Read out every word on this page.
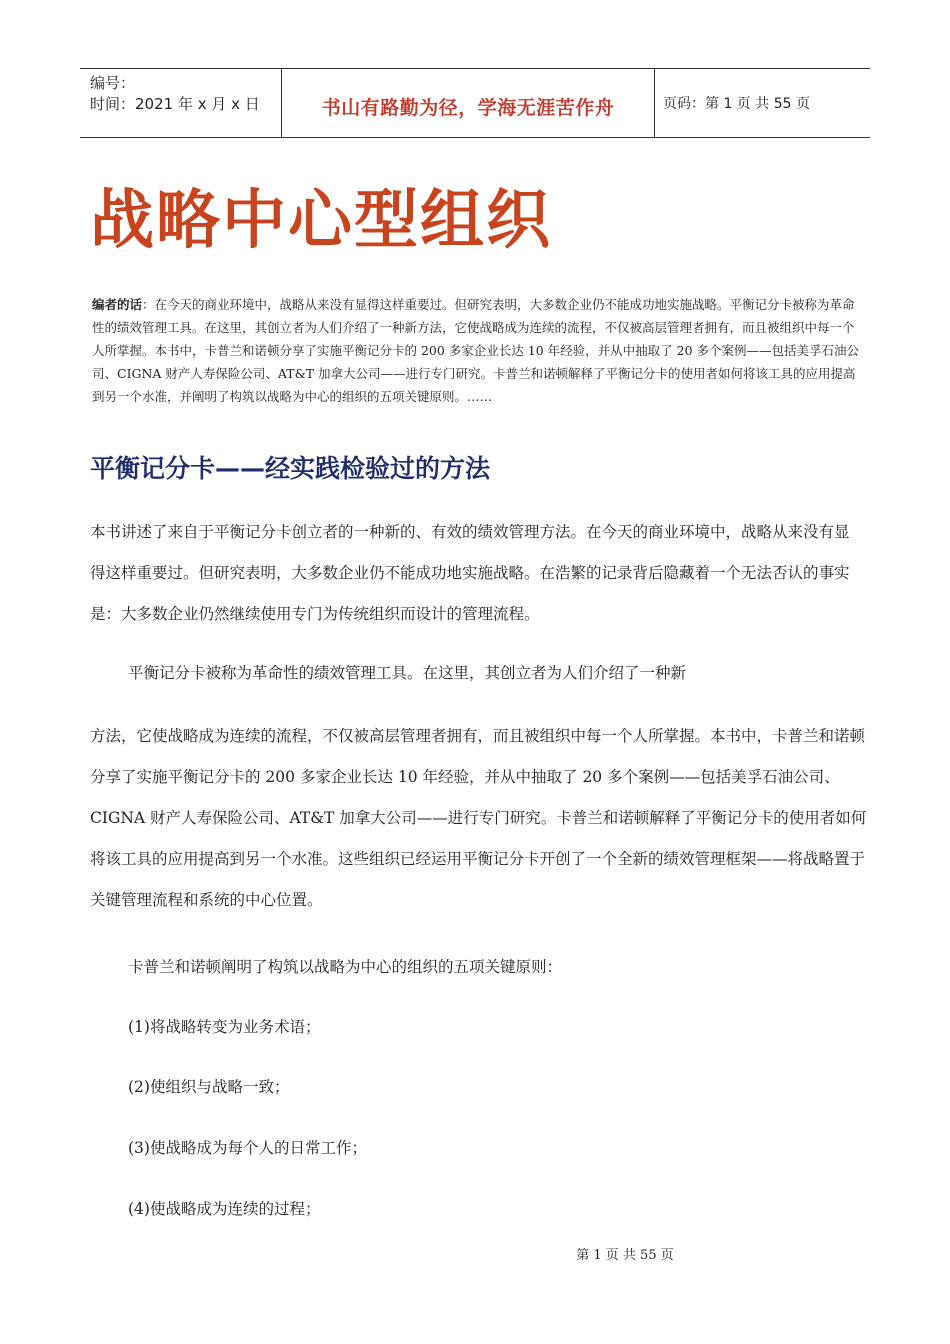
编号：
时间：2021 年 x 月 x 日	书山有路勤为径，学海无涯苦作舟	页码：第 1 页 共 55 页
战略中心型组织

编者的话：在今天的商业环境中，战略从来没有显得这样重要过。但研究表明，大多数企业仍不能成功地实施战略。平衡记分卡被称为革命性的绩效管理工具。在这里，其创立者为人们介绍了一种新方法，它使战略成为连续的流程，不仅被高层管理者拥有，而且被组织中每一个人所掌握。本书中，卡普兰和诺顿分享了实施平衡记分卡的 200 多家企业长达 10 年经验，并从中抽取了 20 多个案例——包括美孚石油公司、CIGNA 财产人寿保险公司、AT&T 加拿大公司——进行专门研究。卡普兰和诺顿解释了平衡记分卡的使用者如何将该工具的应用提高到另一个水准，并阐明了构筑以战略为中心的组织的五项关键原则。……

平衡记分卡——经实践检验过的方法

本书讲述了来自于平衡记分卡创立者的一种新的、有效的绩效管理方法。在今天的商业环境中，战略从来没有显得这样重要过。但研究表明，大多数企业仍不能成功地实施战略。在浩繁的记录背后隐藏着一个无法否认的事实是：大多数企业仍然继续使用专门为传统组织而设计的管理流程。

平衡记分卡被称为革命性的绩效管理工具。在这里，其创立者为人们介绍了一种新

方法，它使战略成为连续的流程，不仅被高层管理者拥有，而且被组织中每一个人所掌握。本书中，卡普兰和诺顿分享了实施平衡记分卡的 200 多家企业长达 10 年经验，并从中抽取了 20 多个案例——包括美孚石油公司、CIGNA 财产人寿保险公司、AT&T 加拿大公司——进行专门研究。卡普兰和诺顿解释了平衡记分卡的使用者如何将该工具的应用提高到另一个水准。这些组织已经运用平衡记分卡开创了一个全新的绩效管理框架——将战略置于关键管理流程和系统的中心位置。

卡普兰和诺顿阐明了构筑以战略为中心的组织的五项关键原则：

(1)将战略转变为业务术语；

(2)使组织与战略一致；

(3)使战略成为每个人的日常工作；

(4)使战略成为连续的过程；

第 1 页 共 55 页
